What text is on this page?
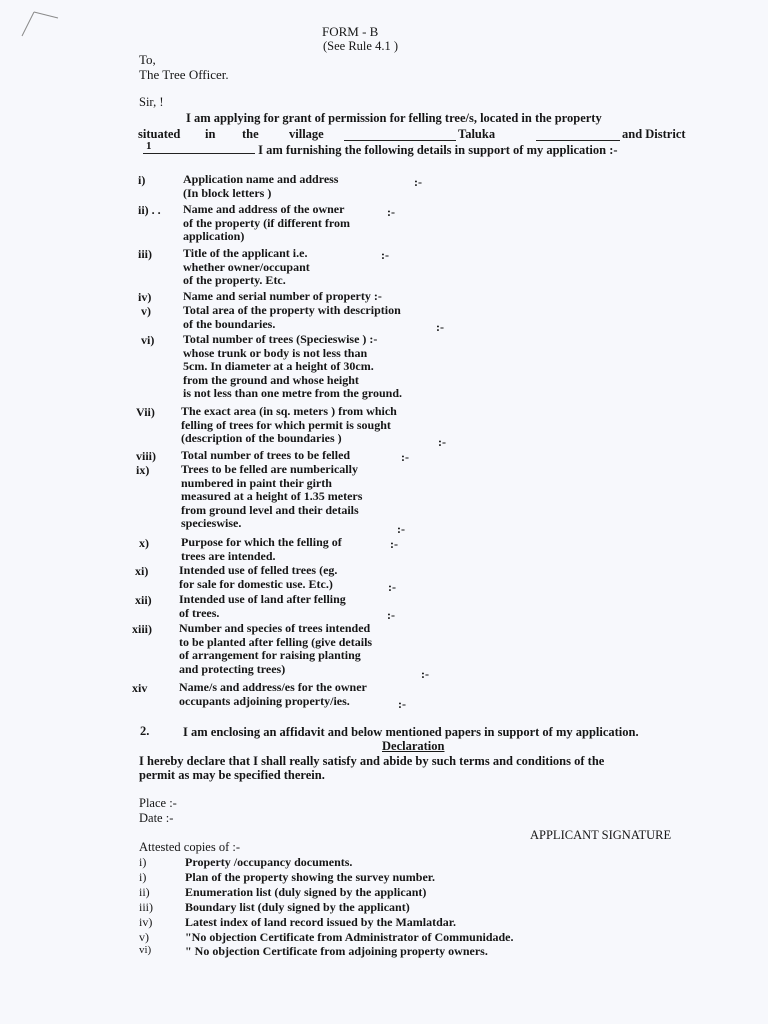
FORM - B
(See Rule 4.1 )
To,
The Tree Officer.
Sir, !
I am applying for grant of permission for felling tree/s, located in the property
situated in the village	Taluka	and District
1	I am furnishing the following details in support of my application :-
i)	Application name and address
(In block letters )
:-
ii) . . Name and address of the owner
of the property (if different from
application)
:-
iii)	Title of the applicant i.e.
whether owner/occupant
of the property. Etc.
:-
iv)	Name and serial number of property :-
v)	Total area of the property with description
of the boundaries.	:-
vi) Total number of trees (Specieswise ) :-
whose trunk or body is not less than
5cm. In diameter at a height of 30cm.
from the ground and whose height
is not less than one metre from the ground.
Vii) The exact area (in sq. meters ) from which
felling of trees for which permit is sought
(description of the boundaries )	:-
viii) Total number of trees to be felled	:-
ix)	Trees to be felled are numberically
numbered in paint their girth
measured at a height of 1.35 meters
from ground level and their details
specieswise.	:-
x)	Purpose for which the felling of
trees are intended.
:-
xi)	Intended use of felled trees (eg.
for sale for domestic use. Etc.)	:-
xii) Intended use of land after felling
of trees.	:-
xiii) Number and species of trees intended
to be planted after felling (give details
of arrangement for raising planting
and protecting trees)	:-
xiv	Name/s and address/es for the owner
occupants adjoining property/ies.	:-
2.	I am enclosing an affidavit and below mentioned papers in support of my application.
Declaration
I hereby declare that I shall really satisfy and abide by such terms and conditions of the
permit as may be specified therein.
Place :-
Date :-
APPLICANT SIGNATURE
Attested copies of :-
i)	Property /occupancy documents.
i)	Plan of the property showing the survey number.
ii)	Enumeration list (duly signed by the applicant)
iii)	Boundary list (duly signed by the applicant)
iv)	Latest index of land record issued by the Mamlatdar.
v)	"No objection Certificate from Administrator of Communidade.
vi)	" No objection Certificate from adjoining property owners.
